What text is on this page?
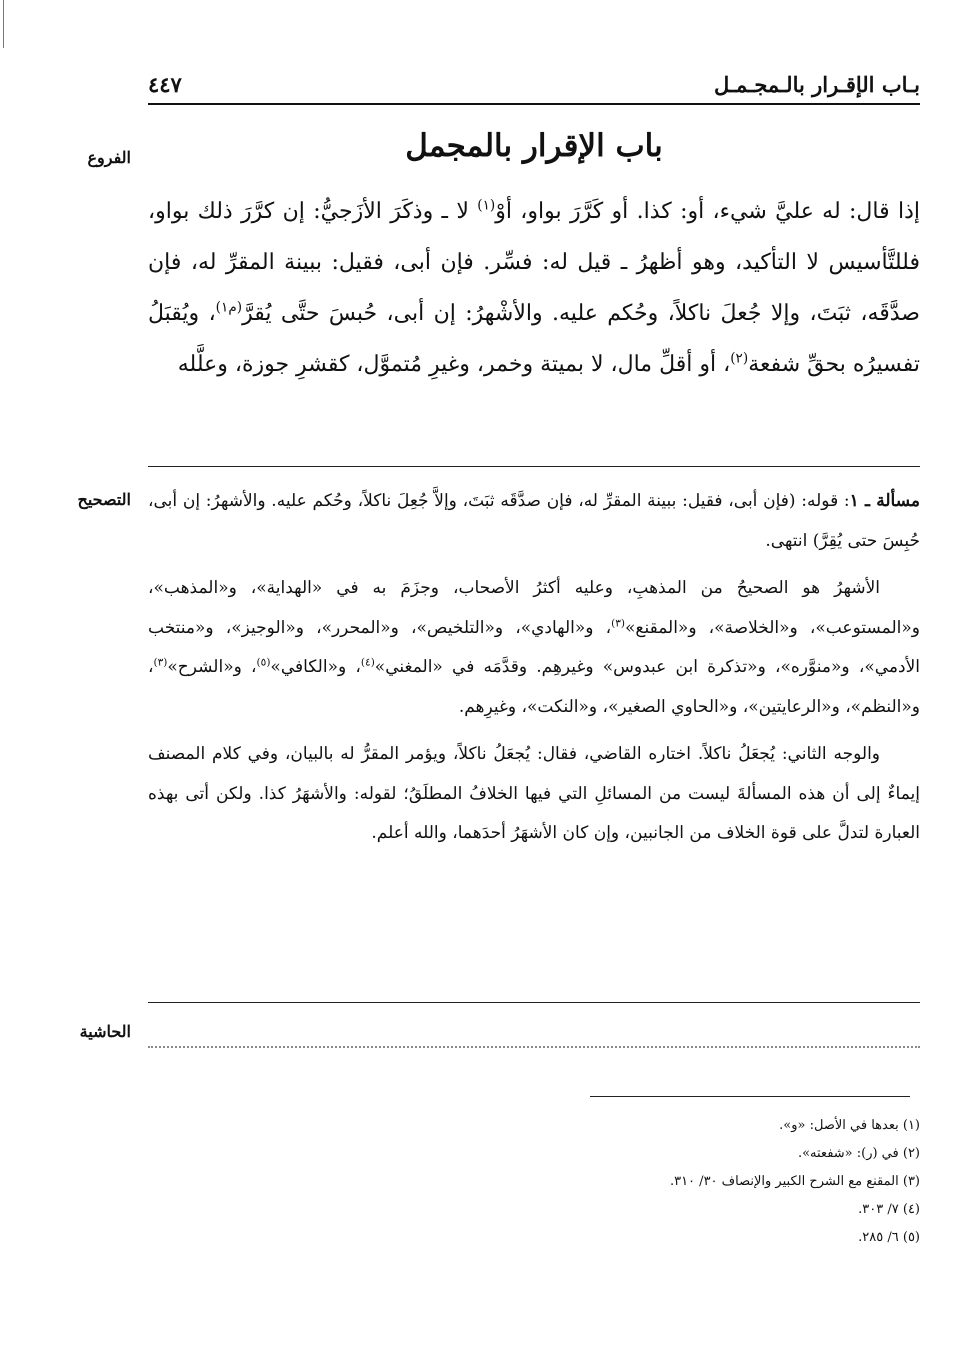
بـاب الإقـرار بالـمجـمـل
٤٤٧
الفروع	باب الإقرار بالمجمل
إذا قال: له عليَّ شيء، أو: كذا. أو كَرَّرَ بواو، أوْ$^{(١)}$ لا ـ وذكَرَ الأزَجيُّ: إن كرَّرَ ذلك بواو، فللتَّأسيس لا التأكيد، وهو أظهرُ ـ قيل له: فسِّر. فإن أبى، فقيل: ببينة المقرِّ له، فإن صدَّقَه، ثبَتَ، وإلا جُعلَ ناكلاً، وحُكم عليه. والأشْهرُ: إن أبى، حُبسَ حتَّى يُقرَّ$^{(م١)}$، ويُقبَلُ تفسيرُه بحقِّ شفعة$^{(٢)}$، أو أقلِّ مال، لا بميتة وخمر، وغيرِ مُتموَّل، كقشرِ جوزة، وعلَّله
التصحيح	مسألة ـ ١: قوله: (فإن أبى، فقيل: ببينة المقرِّ له، فإن صدَّقَه ثبَتَ، وإلاَّ جُعِلَ ناكلاً، وحُكم عليه. والأشهرُ: إن أبى، حُبِسَ حتى يُقِرَّ) انتهى.

الأشهرُ هو الصحيحُ من المذهبِ، وعليه أكثرُ الأصحاب، وجزَمَ به في «الهداية»، و«المذهب»، و«المستوعب»، و«الخلاصة»، و«المقنع»$^{(٣)}$، و«الهادي»، و«التلخيص»، و«المحرر»، و«الوجيز»، و«منتخب الأدمي»، و«منوَّره»، و«تذكرة ابن عبدوس» وغيرهِم. وقدَّمَه في «المغني»$^{(٤)}$، و«الكافي»$^{(٥)}$، و«الشرح»$^{(٣)}$، و«النظم»، و«الرعايتين»، و«الحاوي الصغير»، و«النكت»، وغيرِهم.

والوجه الثاني: يُجعَلُ ناكلاً. اختاره القاضي، فقال: يُجعَلُ ناكلاً، ويؤمر المقرُّ له بالبيان، وفي كلام المصنف إيماءٌ إلى أن هذه المسألةَ ليست من المسائلِ التي فيها الخلافُ المطلَقُ؛ لقوله: والأشهَرُ كذا. ولكن أتى بهذه العبارة لتدلَّ على قوة الخلاف من الجانبين، وإن كان الأشهَرُ أحدَهما، والله أعلم.

الحاشية
(١) بعدها في الأصل: «و».
(٢) في (ر): «شفعته».
(٣) المقنع مع الشرح الكبير والإنصاف ٣٠/ ٣١٠.
(٤) ٧/ ٣٠٣.
(٥) ٦/ ٢٨٥.
